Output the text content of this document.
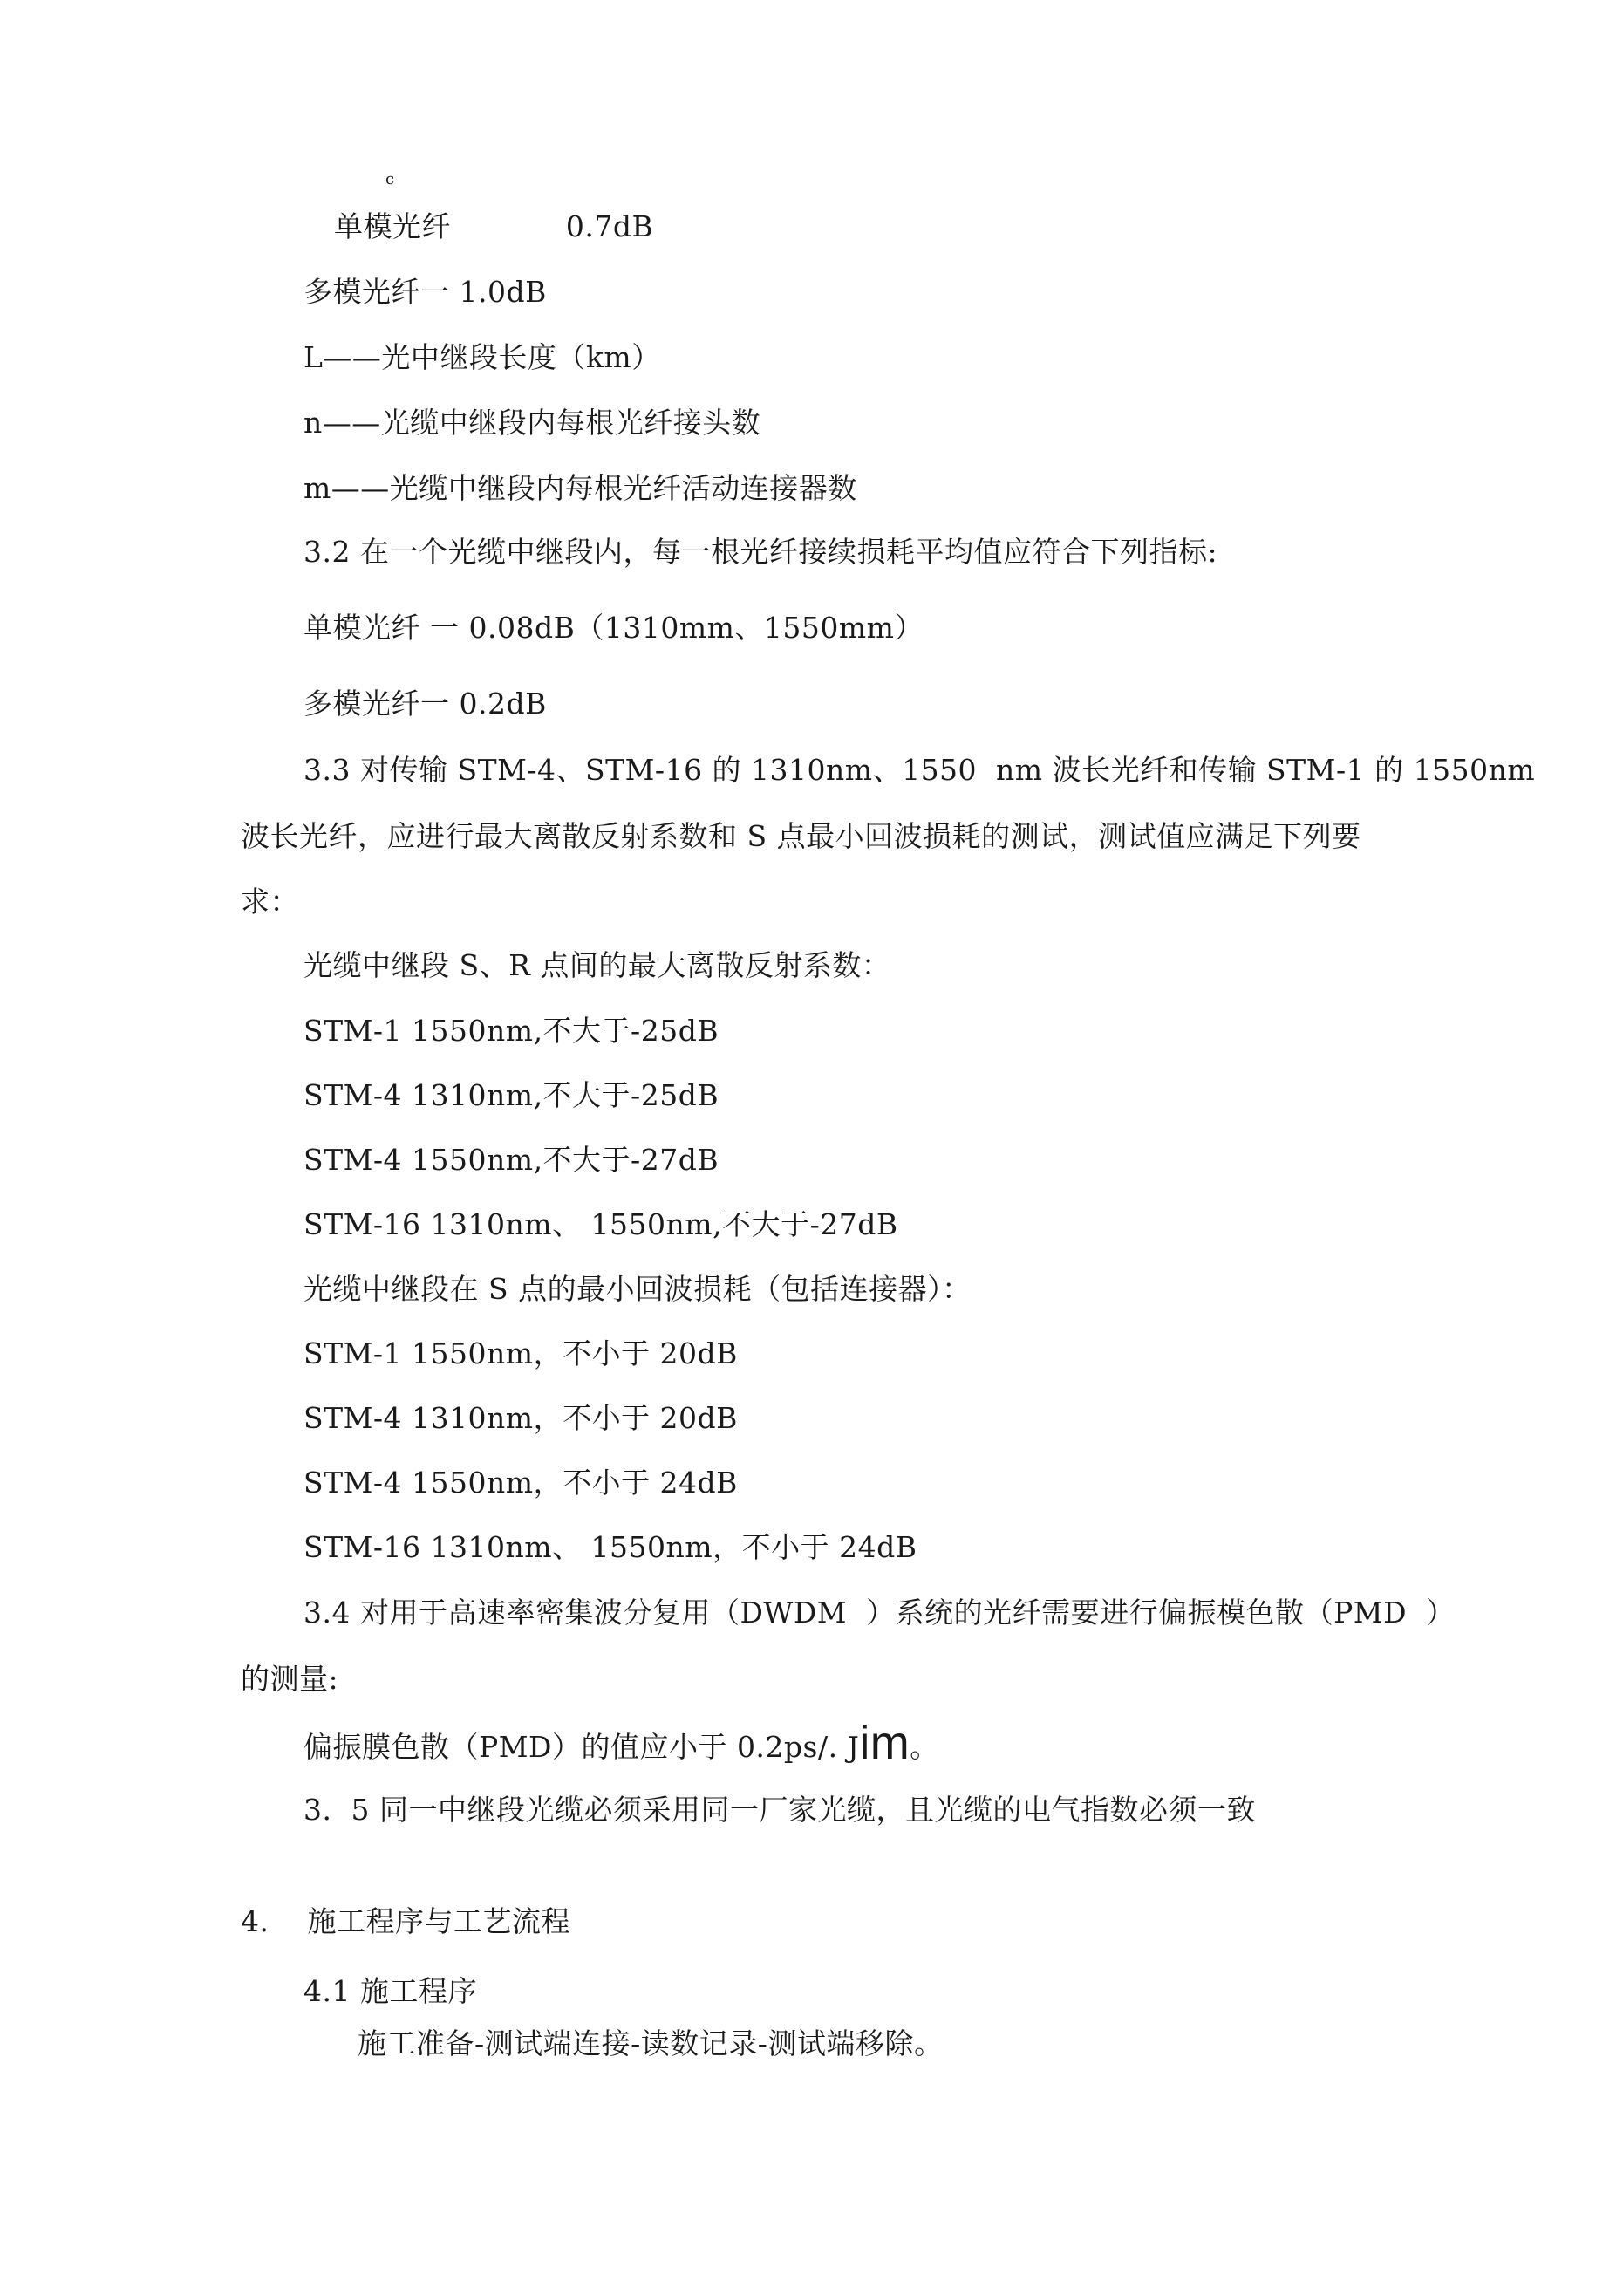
c
单模光纤            0.7dB
多模光纤一 1.0dB
L——光中继段长度（km）
n——光缆中继段内每根光纤接头数
m——光缆中继段内每根光纤活动连接器数
3.2 在一个光缆中继段内，每一根光纤接续损耗平均值应符合下列指标:
单模光纤 一 0.08dB（1310mm、1550mm）
多模光纤一 0.2dB
3.3 对传输 STM-4、STM-16 的 1310nm、1550  nm 波长光纤和传输 STM-1 的 1550nm
波长光纤，应进行最大离散反射系数和 S 点最小回波损耗的测试，测试值应满足下列要
求：
光缆中继段 S、R 点间的最大离散反射系数：
STM-1 1550nm,不大于-25dB
STM-4 1310nm,不大于-25dB
STM-4 1550nm,不大于-27dB
STM-16 1310nm、 1550nm,不大于-27dB
光缆中继段在 S 点的最小回波损耗（包括连接器）：
STM-1 1550nm，不小于 20dB
STM-4 1310nm，不小于 20dB
STM-4 1550nm，不小于 24dB
STM-16 1310nm、 1550nm，不小于 24dB
3.4 对用于高速率密集波分复用（DWDM  ）系统的光纤需要进行偏振模色散（PMD  ）
的测量:
偏振膜色散（PMD）的值应小于 0.2ps/. Jim。
3.  5 同一中继段光缆必须采用同一厂家光缆，且光缆的电气指数必须一致
4.    施工程序与工艺流程
4.1 施工程序
施工准备-测试端连接-读数记录-测试端移除。
